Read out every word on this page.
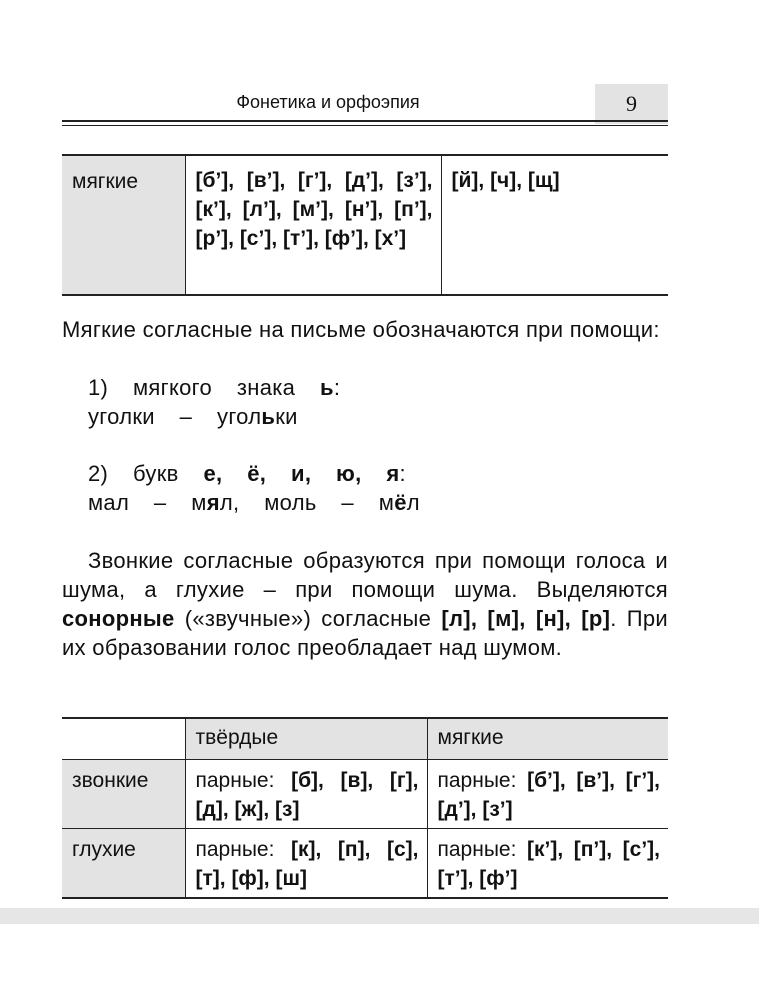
Фонетика и орфоэпия	9
мягкие	[б’], [в’], [г’], [д’], [з’], [к’], [л’], [м’], [н’], [п’], [р’], [с’], [т’], [ф’], [х’]	[й], [ч], [щ]
Мягкие согласные на письме обозначаются при помощи:
1)  мягкого  знака ь:
уголки  –  угольки
2)  букв е,  ё,  и,  ю,  я:
мал  –  мял,  моль  –  мёл
Звонкие согласные образуются при помощи голоса и шума, а глухие – при помощи шума. Выделяются сонорные («звучные») согласные [л], [м], [н], [р]. При их образовании голос преобладает над шумом.
	твёрдые	мягкие
звонкие	парные: [б], [в], [г], [д], [ж], [з]	парные: [б’], [в’], [г’], [д’], [з’]
глухие	парные: [к], [п], [с], [т], [ф], [ш]	парные: [к’], [п’], [с’], [т’], [ф’]
